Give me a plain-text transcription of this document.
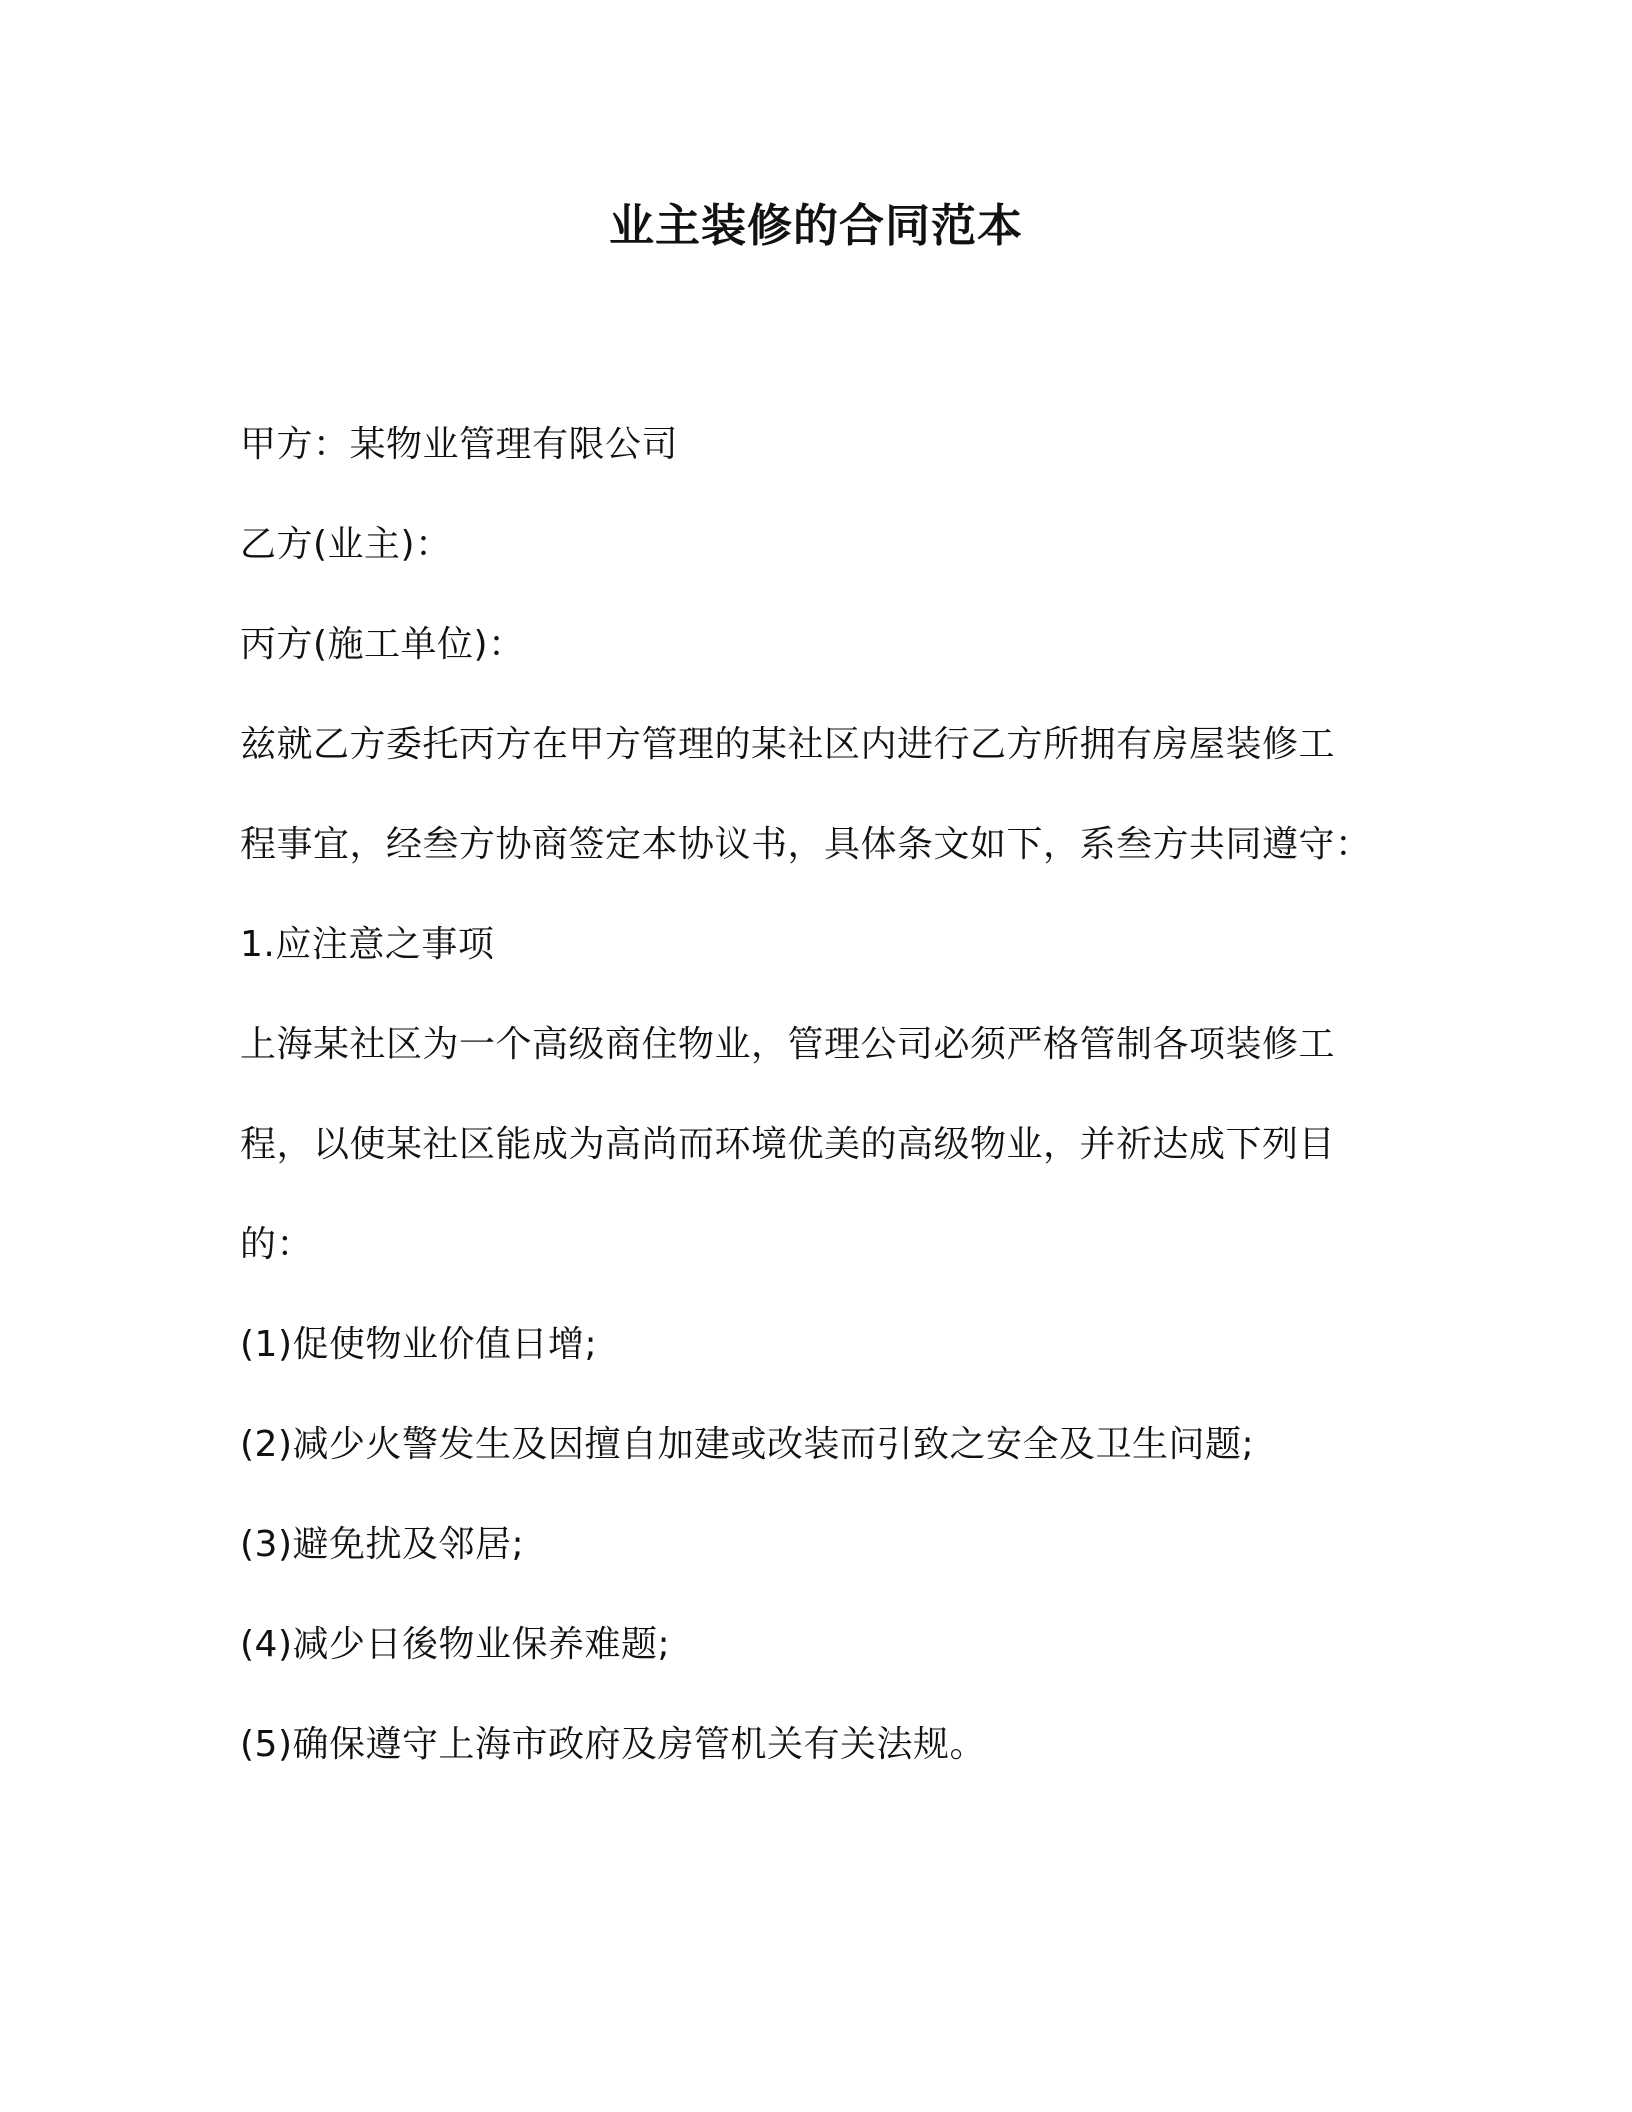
业主装修的合同范本
甲方：某物业管理有限公司
乙方(业主)：
丙方(施工单位)：
兹就乙方委托丙方在甲方管理的某社区内进行乙方所拥有房屋装修工
程事宜，经叁方协商签定本协议书，具体条文如下，系叁方共同遵守：
1.应注意之事项
上海某社区为一个高级商住物业，管理公司必须严格管制各项装修工
程，以使某社区能成为高尚而环境优美的高级物业，并祈达成下列目
的：
(1)促使物业价值日增;
(2)减少火警发生及因擅自加建或改装而引致之安全及卫生问题;
(3)避免扰及邻居;
(4)减少日後物业保养难题;
(5)确保遵守上海市政府及房管机关有关法规。
